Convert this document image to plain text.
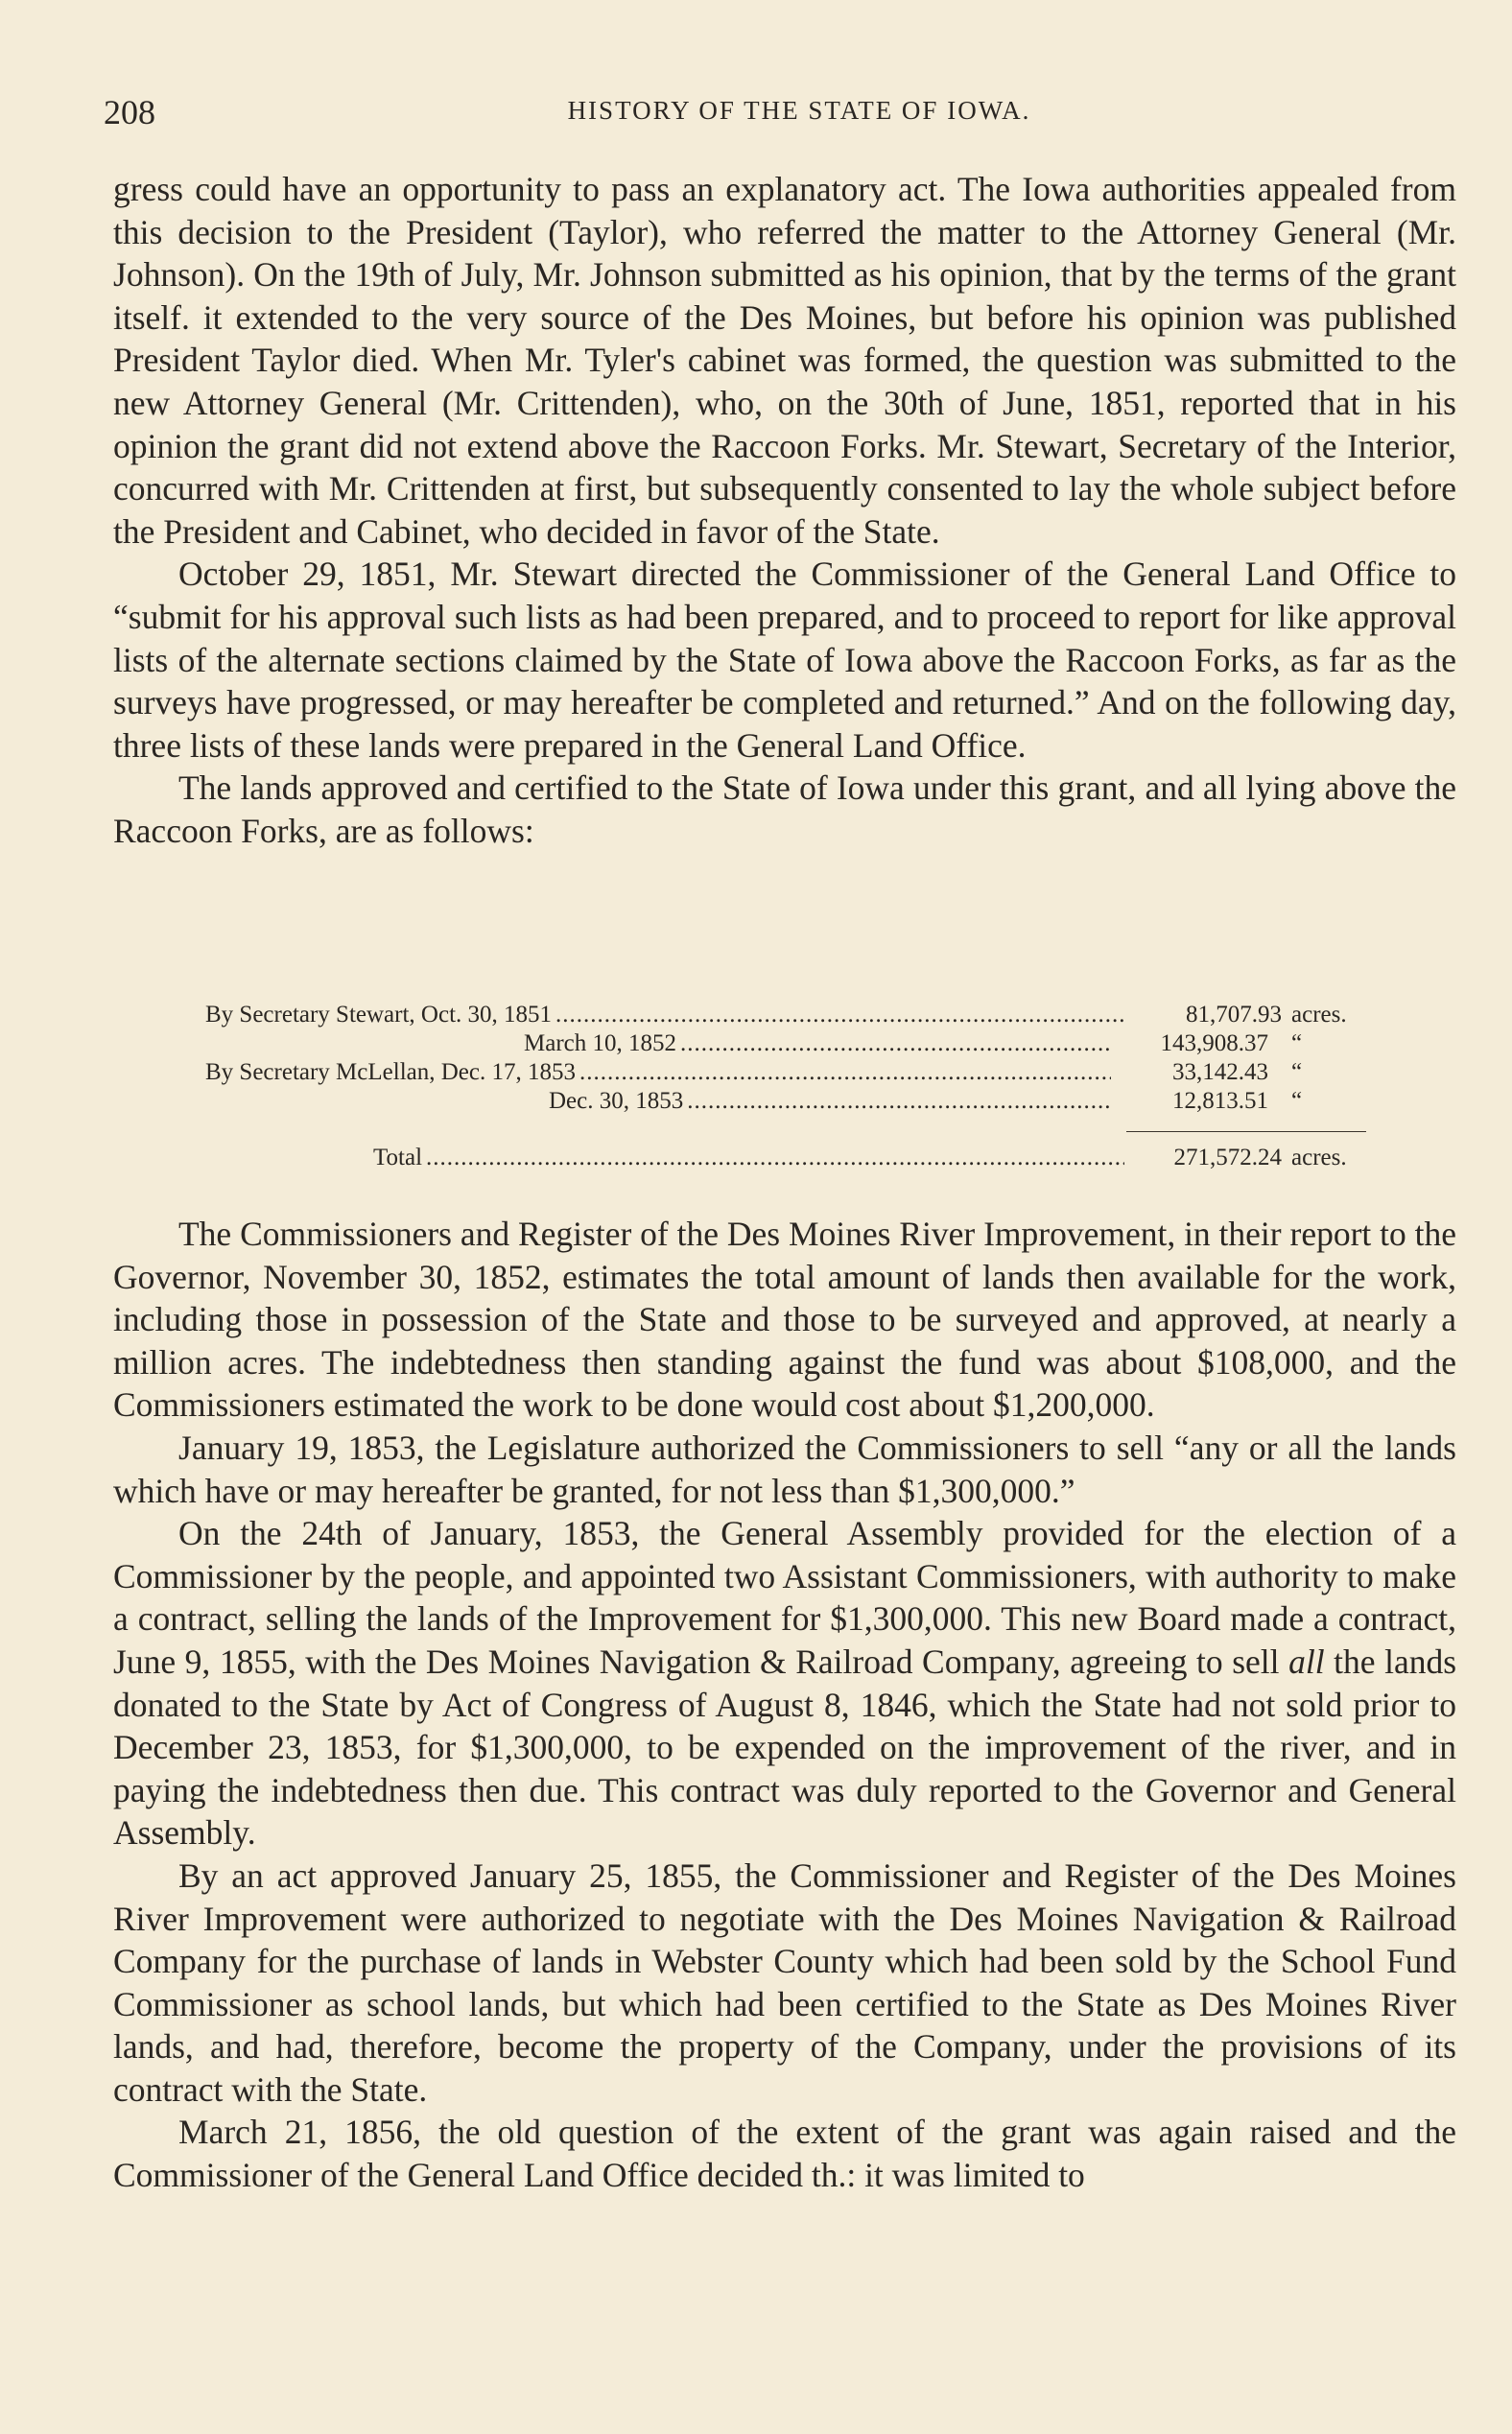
208	HISTORY OF THE STATE OF IOWA.

gress could have an opportunity to pass an explanatory act. The Iowa authorities appealed from this decision to the President (Taylor), who referred the matter to the Attorney General (Mr. Johnson). On the 19th of July, Mr. Johnson submitted as his opinion, that by the terms of the grant itself. it extended to the very source of the Des Moines, but before his opinion was published President Taylor died. When Mr. Tyler's cabinet was formed, the question was submitted to the new Attorney General (Mr. Crittenden), who, on the 30th of June, 1851, reported that in his opinion the grant did not extend above the Raccoon Forks. Mr. Stewart, Secretary of the Interior, concurred with Mr. Crittenden at first, but subsequently consented to lay the whole subject before the President and Cabinet, who decided in favor of the State.

October 29, 1851, Mr. Stewart directed the Commissioner of the General Land Office to “submit for his approval such lists as had been prepared, and to proceed to report for like approval lists of the alternate sections claimed by the State of Iowa above the Raccoon Forks, as far as the surveys have progressed, or may hereafter be completed and returned.” And on the following day, three lists of these lands were prepared in the General Land Office.

The lands approved and certified to the State of Iowa under this grant, and all lying above the Raccoon Forks, are as follows:

By Secretary Stewart, Oct. 30, 1851 .....	81,707.93 acres.
March 10, 1852 .....	143,908.37 “
By Secretary McLellan, Dec. 17, 1853 .....	33,142.43 “
Dec. 30, 1853 .....	12,813.51 “
Total .....	271,572.24 acres.

The Commissioners and Register of the Des Moines River Improvement, in their report to the Governor, November 30, 1852, estimates the total amount of lands then available for the work, including those in possession of the State and those to be surveyed and approved, at nearly a million acres. The indebtedness then standing against the fund was about $108,000, and the Commissioners estimated the work to be done would cost about $1,200,000.

January 19, 1853, the Legislature authorized the Commissioners to sell “any or all the lands which have or may hereafter be granted, for not less than $1,300,000.”

On the 24th of January, 1853, the General Assembly provided for the election of a Commissioner by the people, and appointed two Assistant Commissioners, with authority to make a contract, selling the lands of the Improvement for $1,300,000. This new Board made a contract, June 9, 1855, with the Des Moines Navigation & Railroad Company, agreeing to sell all the lands donated to the State by Act of Congress of August 8, 1846, which the State had not sold prior to December 23, 1853, for $1,300,000, to be expended on the improvement of the river, and in paying the indebtedness then due. This contract was duly reported to the Governor and General Assembly.

By an act approved January 25, 1855, the Commissioner and Register of the Des Moines River Improvement were authorized to negotiate with the Des Moines Navigation & Railroad Company for the purchase of lands in Webster County which had been sold by the School Fund Commissioner as school lands, but which had been certified to the State as Des Moines River lands, and had, therefore, become the property of the Company, under the provisions of its contract with the State.

March 21, 1856, the old question of the extent of the grant was again raised and the Commissioner of the General Land Office decided th.: it was limited to
